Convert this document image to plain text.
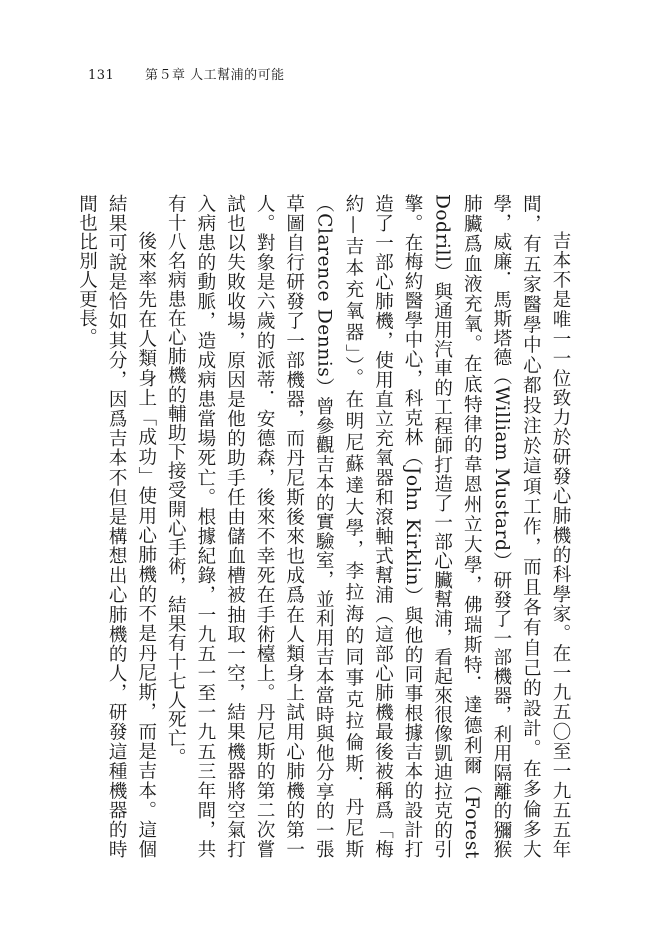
131 第５章 人工幫浦的可能

吉本不是唯一一位致力於研發心肺機的科學家。在一九五〇至一九五五年間，有五家醫學中心都投注於這項工作，而且各有自己的設計。在多倫多大學，威廉．馬斯塔德（William Mustard）研發了一部機器，利用隔離的獼猴肺臟爲血液充氧。在底特律的韋恩州立大學，佛瑞斯特．達德利爾（Forest Dodrill）與通用汽車的工程師打造了一部心臟幫浦，看起來很像凱迪拉克的引擎。在梅約醫學中心，科克林（John Kirklin）與他的同事根據吉本的設計打造了一部心肺機，使用直立充氧器和滾軸式幫浦（這部心肺機最後被稱爲「梅約—吉本充氧器」）。在明尼蘇達大學，李拉海的同事克拉倫斯．丹尼斯（Clarence Dennis）曾參觀吉本的實驗室，並利用吉本當時與他分享的一張草圖自行研發了一部機器，而丹尼斯後來也成爲在人類身上試用心肺機的第一人。對象是六歲的派蒂．安德森，後來不幸死在手術檯上。丹尼斯的第二次嘗試也以失敗收場，原因是他的助手任由儲血槽被抽取一空，結果機器將空氣打入病患的動脈，造成病患當場死亡。根據紀錄，一九五一至一九五三年間，共有十八名病患在心肺機的輔助下接受開心手術，結果有十七人死亡。

後來率先在人類身上「成功」使用心肺機的不是丹尼斯，而是吉本。這個結果可說是恰如其分，因爲吉本不但是構想出心肺機的人，研發這種機器的時間也比別人更長。
